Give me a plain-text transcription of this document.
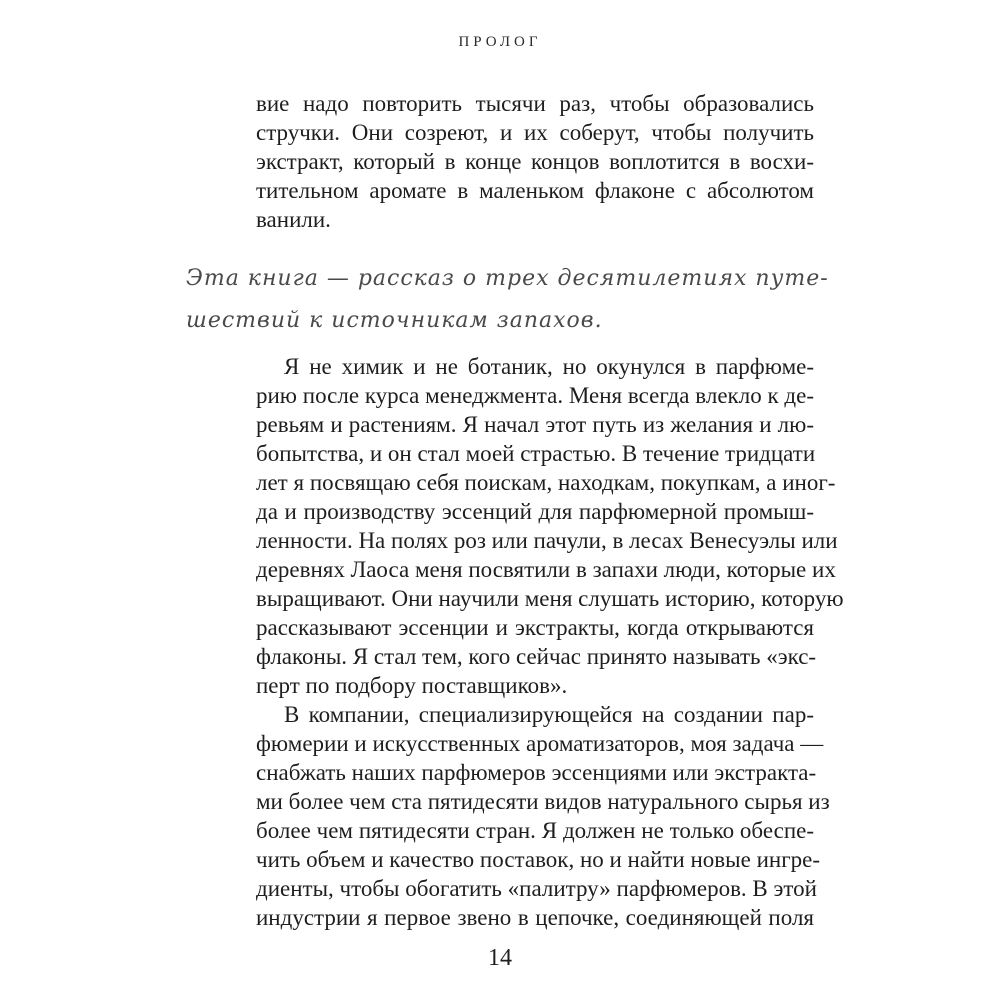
ПРОЛОГ
вие надо повторить тысячи раз, чтобы образовались
стручки. Они созреют, и их соберут, чтобы получить
экстракт, который в конце концов воплотится в восхи-
тительном аромате в маленьком флаконе с абсолютом
ванили.
Эта книга — рассказ о трех десятилетиях путе-
шествий к источникам запахов.
Я не химик и не ботаник, но окунулся в парфюме-
рию после курса менеджмента. Меня всегда влекло к де-
ревьям и растениям. Я начал этот путь из желания и лю-
бопытства, и он стал моей страстью. В течение тридцати
лет я посвящаю себя поискам, находкам, покупкам, а иног-
да и производству эссенций для парфюмерной промыш-
ленности. На полях роз или пачули, в лесах Венесуэлы или
деревнях Лаоса меня посвятили в запахи люди, которые их
выращивают. Они научили меня слушать историю, которую
рассказывают эссенции и экстракты, когда открываются
флаконы. Я стал тем, кого сейчас принято называть «экс-
перт по подбору поставщиков».
В компании, специализирующейся на создании пар-
фюмерии и искусственных ароматизаторов, моя задача —
снабжать наших парфюмеров эссенциями или экстракта-
ми более чем ста пятидесяти видов натурального сырья из
более чем пятидесяти стран. Я должен не только обеспе-
чить объем и качество поставок, но и найти новые ингре-
диенты, чтобы обогатить «палитру» парфюмеров. В этой
индустрии я первое звено в цепочке, соединяющей поля
14
